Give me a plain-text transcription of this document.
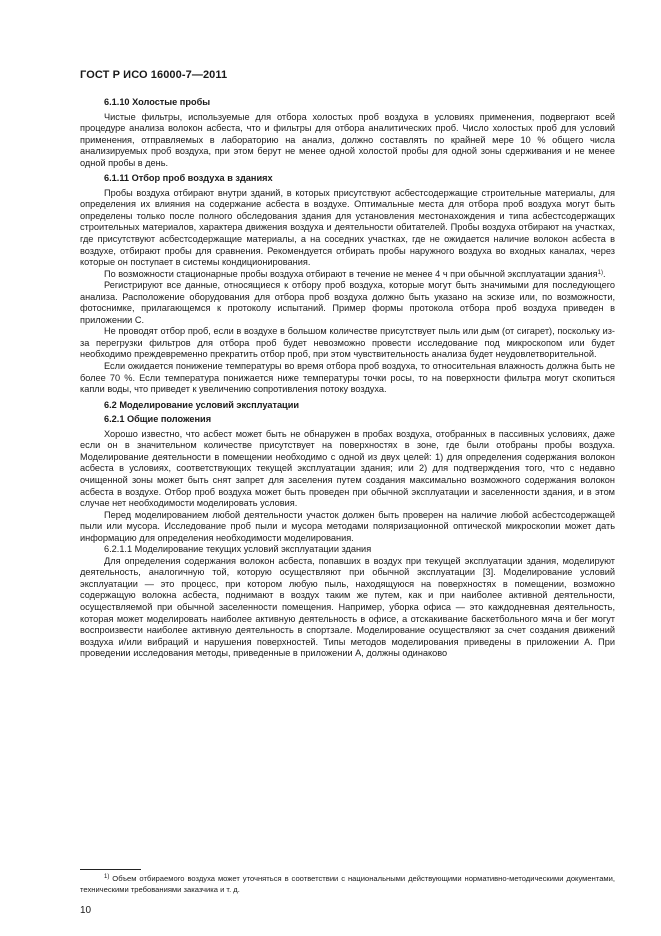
ГОСТ Р ИСО 16000-7—2011
6.1.10 Холостые пробы

Чистые фильтры, используемые для отбора холостых проб воздуха в условиях применения, подвергают всей процедуре анализа волокон асбеста, что и фильтры для отбора аналитических проб. Число холостых проб для условий применения, отправляемых в лабораторию на анализ, должно составлять по крайней мере 10 % общего числа анализируемых проб воздуха, при этом берут не менее одной холостой пробы для одной зоны сдерживания и не менее одной пробы в день.

6.1.11 Отбор проб воздуха в зданиях

Пробы воздуха отбирают внутри зданий, в которых присутствуют асбестсодержащие строительные материалы, для определения их влияния на содержание асбеста в воздухе. Оптимальные места для отбора проб воздуха могут быть определены только после полного обследования здания для установления местонахождения и типа асбестсодержащих строительных материалов, характера движения воздуха и деятельности обитателей. Пробы воздуха отбирают на участках, где присутствуют асбестсодержащие материалы, а на соседних участках, где не ожидается наличие волокон асбеста в воздухе, отбирают пробы для сравнения. Рекомендуется отбирать пробы наружного воздуха во входных каналах, через которые он поступает в системы кондиционирования.

По возможности стационарные пробы воздуха отбирают в течение не менее 4 ч при обычной эксплуатации здания$^{1)}$.

Регистрируют все данные, относящиеся к отбору проб воздуха, которые могут быть значимыми для последующего анализа. Расположение оборудования для отбора проб воздуха должно быть указано на эскизе или, по возможности, фотоснимке, прилагающемся к протоколу испытаний. Пример формы протокола отбора проб воздуха приведен в приложении С.

Не проводят отбор проб, если в воздухе в большом количестве присутствует пыль или дым (от сигарет), поскольку из-за перегрузки фильтров для отбора проб будет невозможно провести исследование под микроскопом или будет необходимо преждевременно прекратить отбор проб, при этом чувствительность анализа будет неудовлетворительной.

Если ожидается понижение температуры во время отбора проб воздуха, то относительная влажность должна быть не более 70 %. Если температура понижается ниже температуры точки росы, то на поверхности фильтра могут скопиться капли воды, что приведет к увеличению сопротивления потоку воздуха.

6.2 Моделирование условий эксплуатации
6.2.1 Общие положения

Хорошо известно, что асбест может быть не обнаружен в пробах воздуха, отобранных в пассивных условиях, даже если он в значительном количестве присутствует на поверхностях в зоне, где были отобраны пробы воздуха. Моделирование деятельности в помещении необходимо с одной из двух целей: 1) для определения содержания волокон асбеста в условиях, соответствующих текущей эксплуатации здания; или 2) для подтверждения того, что с недавно очищенной зоны может быть снят запрет для заселения путем создания максимально возможного содержания волокон асбеста в воздухе. Отбор проб воздуха может быть проведен при обычной эксплуатации и заселенности здания, и в этом случае нет необходимости моделировать условия.

Перед моделированием любой деятельности участок должен быть проверен на наличие любой асбестсодержащей пыли или мусора. Исследование проб пыли и мусора методами поляризационной оптической микроскопии может дать информацию для определения необходимости моделирования.

6.2.1.1 Моделирование текущих условий эксплуатации здания

Для определения содержания волокон асбеста, попавших в воздух при текущей эксплуатации здания, моделируют деятельность, аналогичную той, которую осуществляют при обычной эксплуатации [3]. Моделирование условий эксплуатации — это процесс, при котором любую пыль, находящуюся на поверхностях в помещении, возможно содержащую волокна асбеста, поднимают в воздух таким же путем, как и при наиболее активной деятельности, осуществляемой при обычной заселенности помещения. Например, уборка офиса — это каждодневная деятельность, которая может моделировать наиболее активную деятельность в офисе, а отскакивание баскетбольного мяча и бег могут воспроизвести наиболее активную деятельность в спортзале. Моделирование осуществляют за счет создания движений воздуха и/или вибраций и нарушения поверхностей. Типы методов моделирования приведены в приложении А. При проведении исследования методы, приведенные в приложении А, должны одинаково

$^{1)}$ Объем отбираемого воздуха может уточняться в соответствии с национальными действующими нормативно-методическими документами, техническими требованиями заказчика и т. д.
10
